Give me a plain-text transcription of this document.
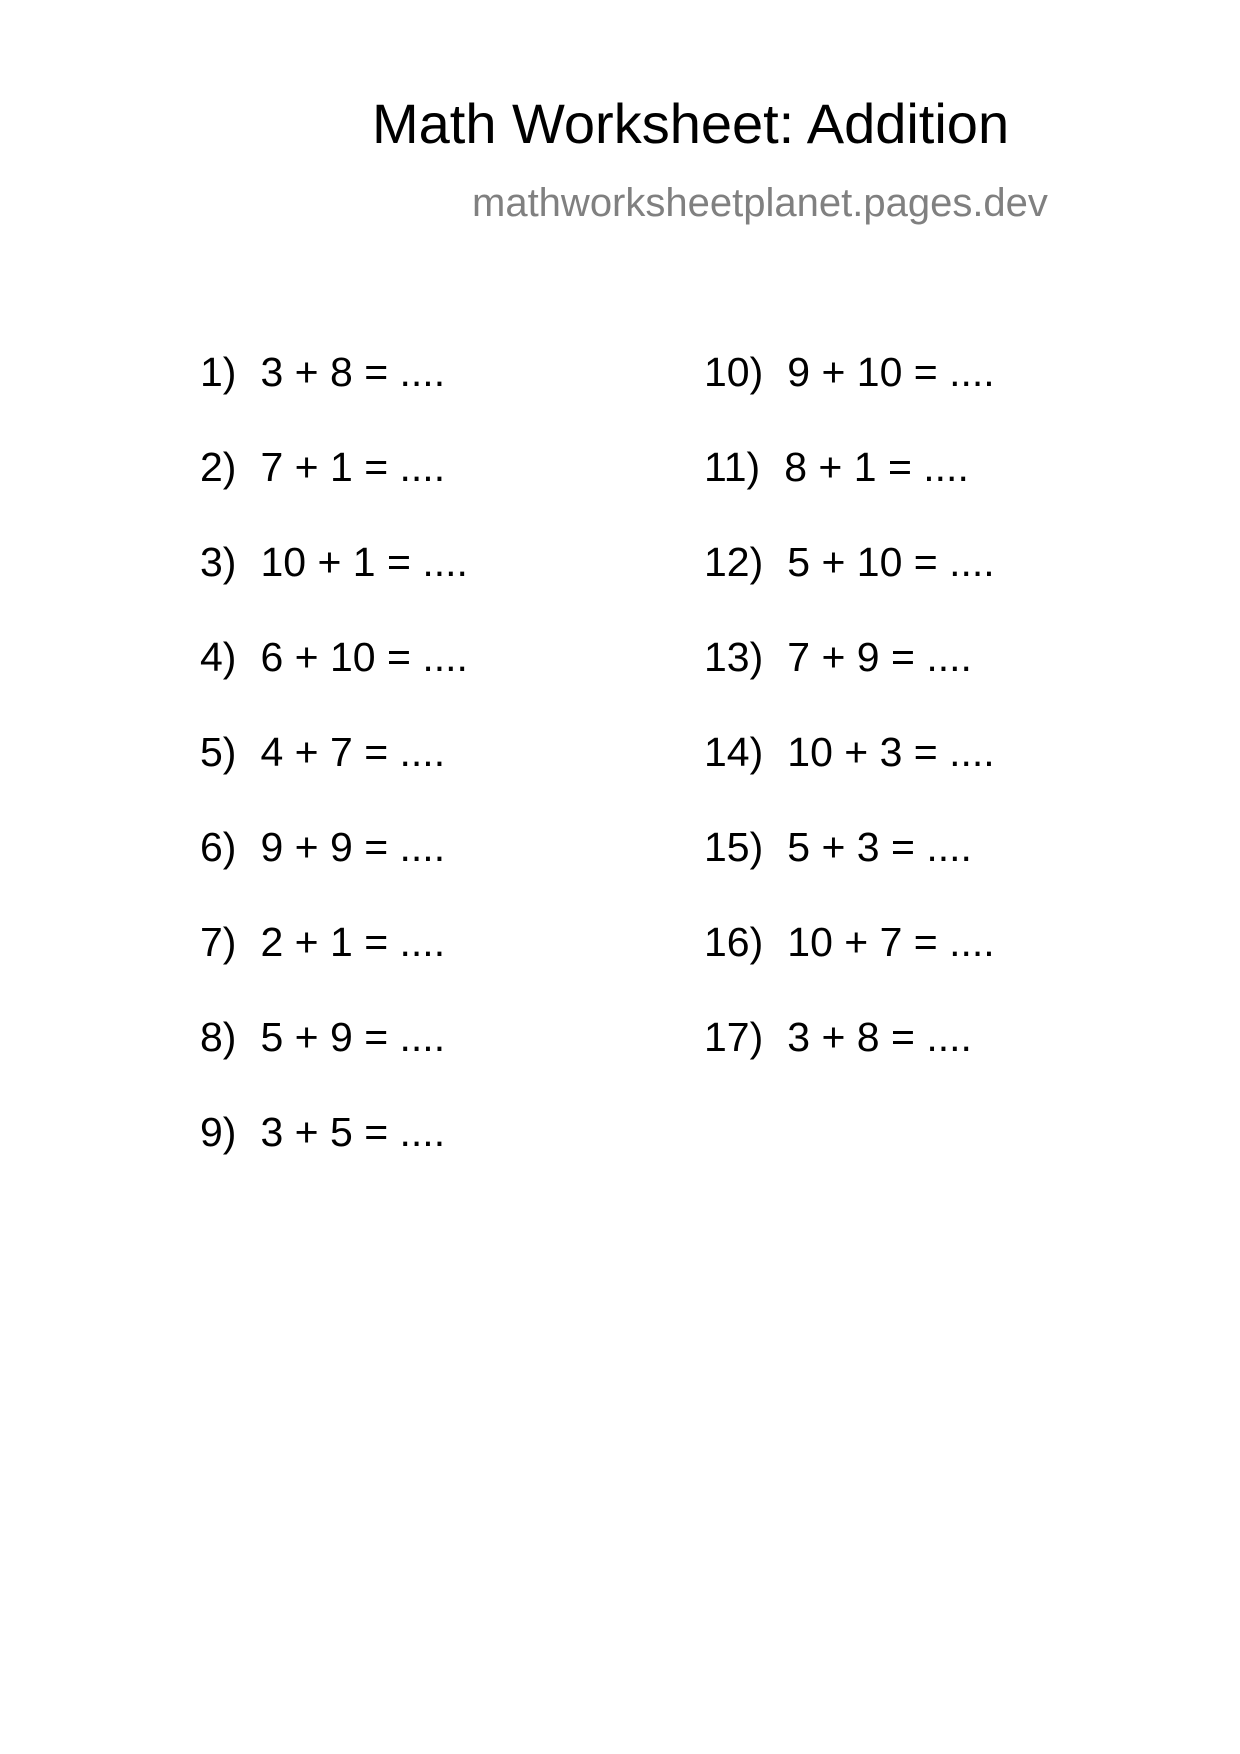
Math Worksheet: Addition
mathworksheetplanet.pages.dev
1) 3 + 8 = ....
2) 7 + 1 = ....
3) 10 + 1 = ....
4) 6 + 10 = ....
5) 4 + 7 = ....
6) 9 + 9 = ....
7) 2 + 1 = ....
8) 5 + 9 = ....
9) 3 + 5 = ....
10) 9 + 10 = ....
11) 8 + 1 = ....
12) 5 + 10 = ....
13) 7 + 9 = ....
14) 10 + 3 = ....
15) 5 + 3 = ....
16) 10 + 7 = ....
17) 3 + 8 = ....
